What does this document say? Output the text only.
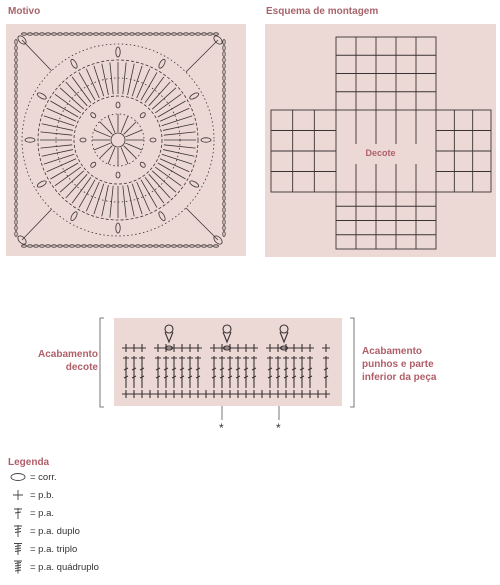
Motivo	Esquema de montagem
Decote
Acabamento
decote
Acabamento
punhos e parte
inferior da peça
*	*
Legenda
= corr.
= p.b.
= p.a.
= p.a. duplo
= p.a. triplo
= p.a. quádruplo
